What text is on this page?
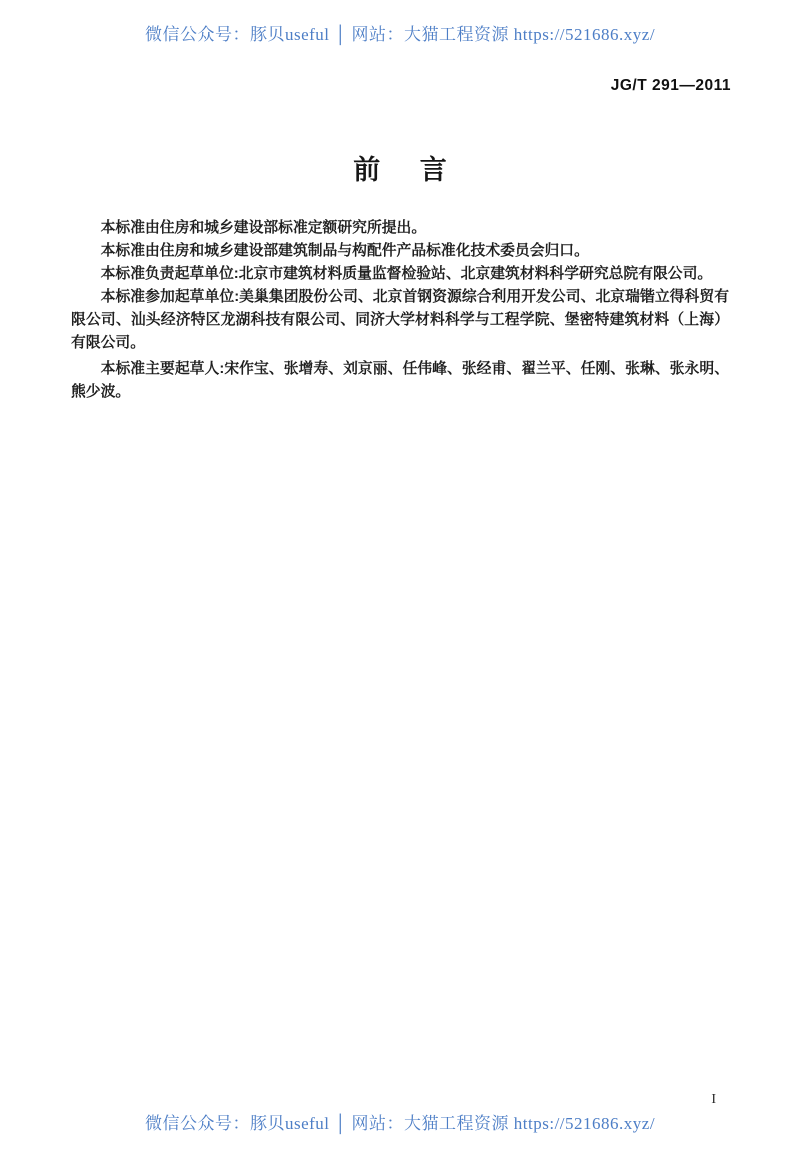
微信公众号：豚贝useful │ 网站：大猫工程资源 https://521686.xyz/
JG/T 291—2011
前 言

本标准由住房和城乡建设部标准定额研究所提出。

本标准由住房和城乡建设部建筑制品与构配件产品标准化技术委员会归口。

本标准负责起草单位:北京市建筑材料质量监督检验站、北京建筑材料科学研究总院有限公司。

本标准参加起草单位:美巢集团股份公司、北京首钢资源综合利用开发公司、北京瑞锴立得科贸有限公司、汕头经济特区龙湖科技有限公司、同济大学材料科学与工程学院、堡密特建筑材料（上海）有限公司。

本标准主要起草人:宋作宝、张增寿、刘京丽、任伟峰、张经甫、翟兰平、任刚、张琳、张永明、熊少波。

I
微信公众号：豚贝useful │ 网站：大猫工程资源 https://521686.xyz/
